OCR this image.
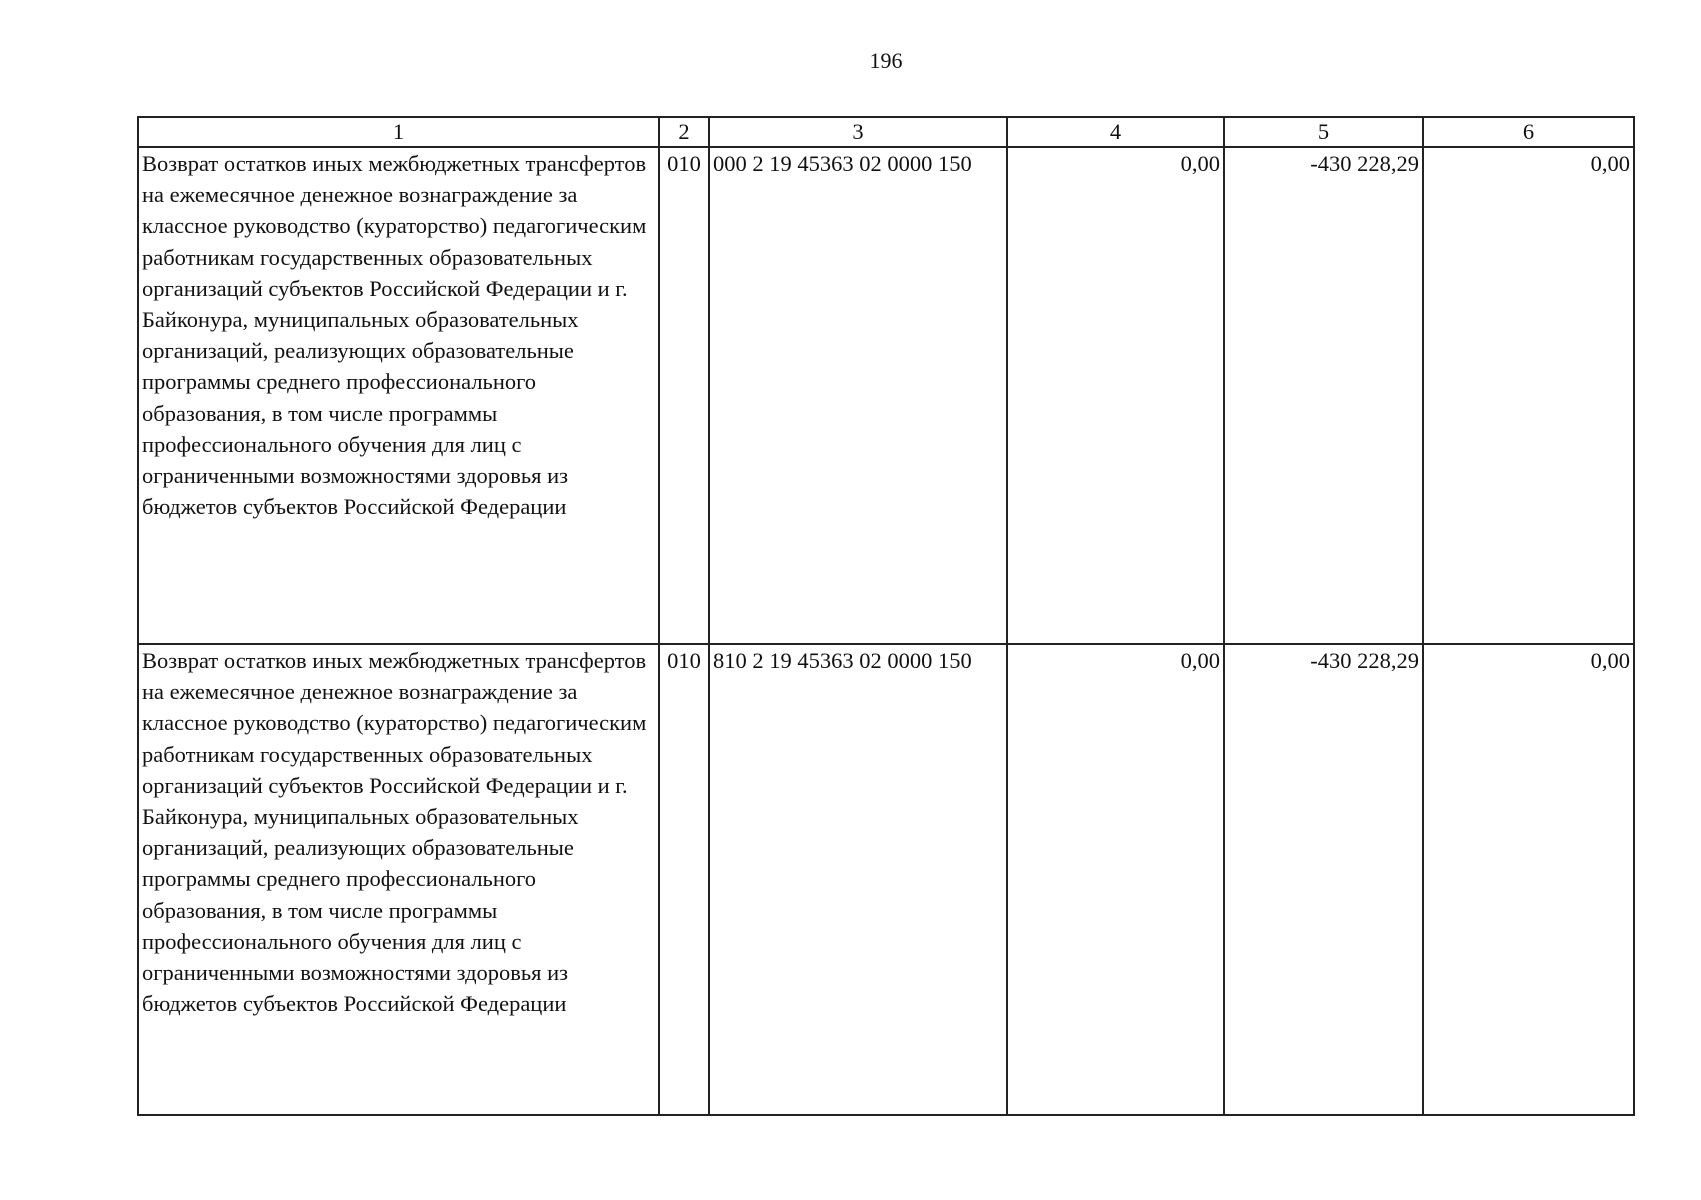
196
1	2	3	4	5	6
Возврат остатков иных межбюджетных трансфертов на ежемесячное денежное вознаграждение за классное руководство (кураторство) педагогическим работникам государственных образовательных организаций субъектов Российской Федерации и г. Байконура, муниципальных образовательных организаций, реализующих образовательные программы среднего профессионального образования, в том числе программы профессионального обучения для лиц с ограниченными возможностями здоровья из бюджетов субъектов Российской Федерации	010	000 2 19 45363 02 0000 150	0,00	-430 228,29	0,00
Возврат остатков иных межбюджетных трансфертов на ежемесячное денежное вознаграждение за классное руководство (кураторство) педагогическим работникам государственных образовательных организаций субъектов Российской Федерации и г. Байконура, муниципальных образовательных организаций, реализующих образовательные программы среднего профессионального образования, в том числе программы профессионального обучения для лиц с ограниченными возможностями здоровья из бюджетов субъектов Российской Федерации	010	810 2 19 45363 02 0000 150	0,00	-430 228,29	0,00
